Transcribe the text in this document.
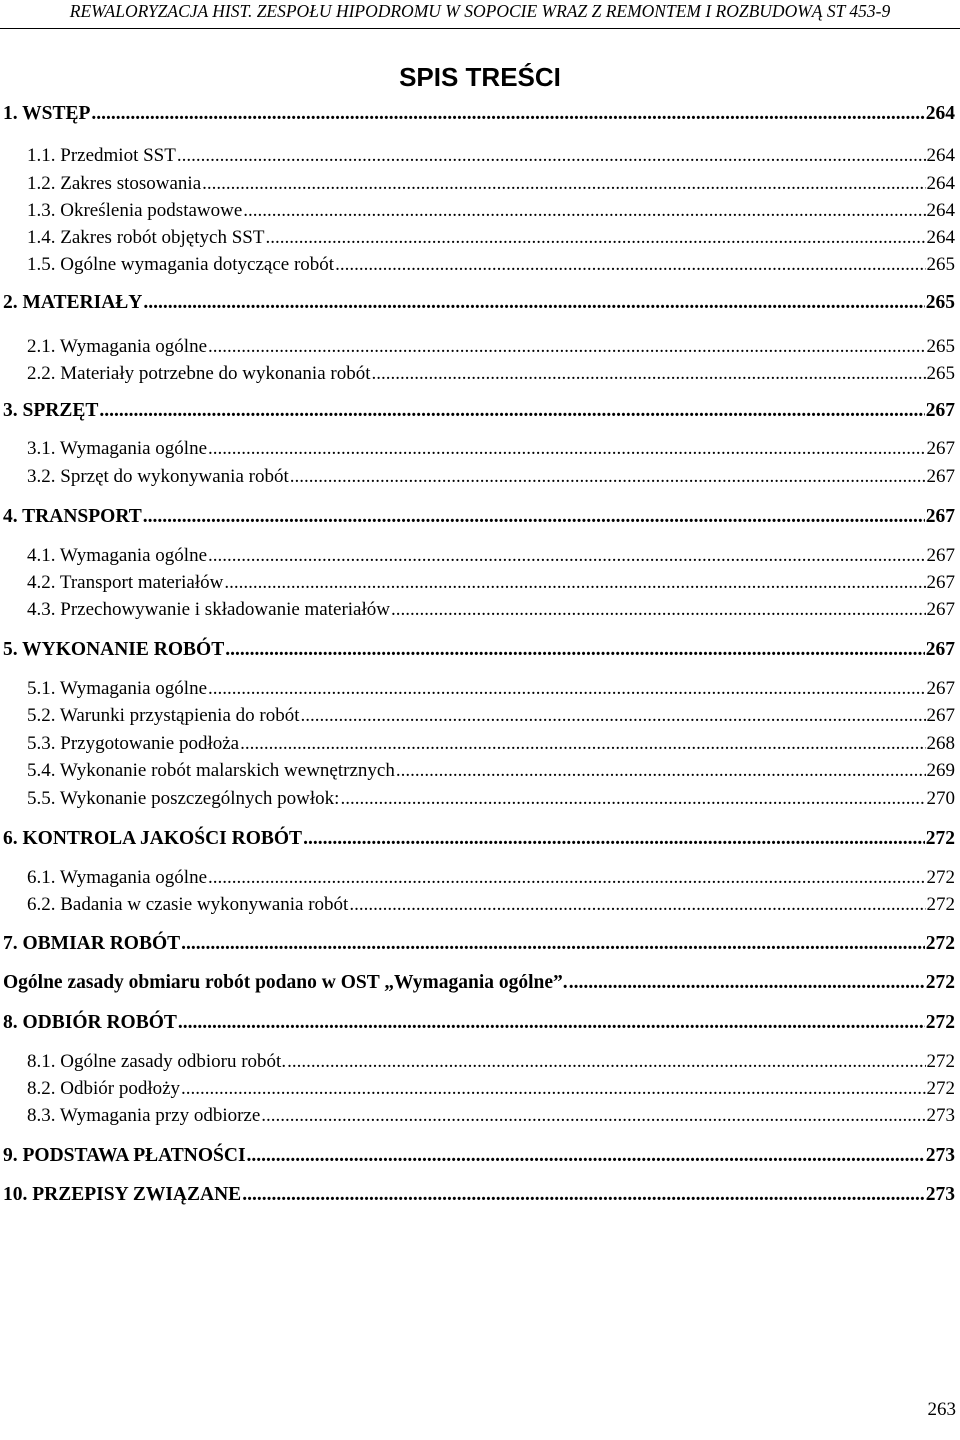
REWALORYZACJA HIST. ZESPOŁU HIPODROMU W SOPOCIE WRAZ Z REMONTEM I ROZBUDOWĄ ST 453-9
SPIS TREŚCI
1. WSTĘP .....	264
1.1. Przedmiot SST .....	264
1.2. Zakres stosowania .....	264
1.3. Określenia podstawowe .....	264
1.4. Zakres robót objętych SST .....	264
1.5. Ogólne wymagania dotyczące robót .....	265
2. MATERIAŁY .....	265
2.1. Wymagania ogólne .....	265
2.2. Materiały potrzebne do wykonania robót .....	265
3. SPRZĘT .....	267
3.1. Wymagania ogólne .....	267
3.2. Sprzęt do wykonywania robót .....	267
4. TRANSPORT .....	267
4.1. Wymagania ogólne .....	267
4.2. Transport materiałów .....	267
4.3. Przechowywanie i składowanie materiałów .....	267
5. WYKONANIE ROBÓT .....	267
5.1. Wymagania ogólne .....	267
5.2. Warunki przystąpienia do robót .....	267
5.3. Przygotowanie podłoża .....	268
5.4. Wykonanie robót malarskich wewnętrznych .....	269
5.5. Wykonanie poszczególnych powłok: .....	270
6. KONTROLA JAKOŚCI ROBÓT .....	272
6.1. Wymagania ogólne .....	272
6.2. Badania w czasie wykonywania robót .....	272
7. OBMIAR ROBÓT .....	272
Ogólne zasady obmiaru robót podano w OST „Wymagania ogólne”. .....	272
8. ODBIÓR ROBÓT .....	272
8.1. Ogólne zasady odbioru robót. .....	272
8.2. Odbiór podłoży .....	272
8.3. Wymagania przy odbiorze .....	273
9. PODSTAWA PŁATNOŚCI .....	273
10. PRZEPISY ZWIĄZANE .....	273
263
